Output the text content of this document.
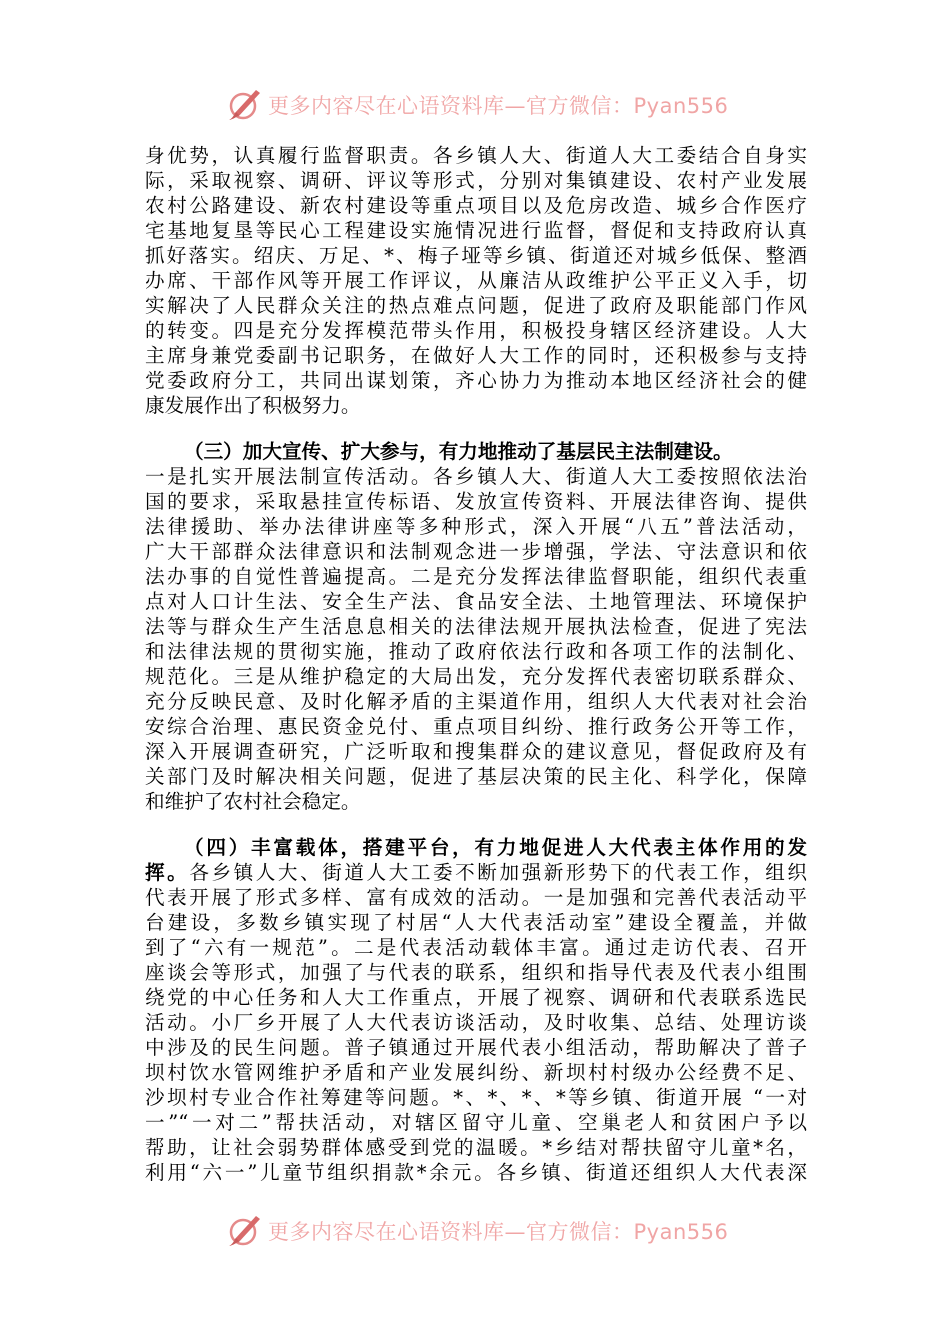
更多内容尽在心语资料库—官方微信：Pyan556

身优势，认真履行监督职责。各乡镇人大、街道人大工委结合自身实
际，采取视察、调研、评议等形式，分别对集镇建设、农村产业发展
农村公路建设、新农村建设等重点项目以及危房改造、城乡合作医疗
宅基地复垦等民心工程建设实施情况进行监督，督促和支持政府认真
抓好落实。绍庆、万足、*、梅子垭等乡镇、街道还对城乡低保、整酒
办席、干部作风等开展工作评议，从廉洁从政维护公平正义入手，切
实解决了人民群众关注的热点难点问题，促进了政府及职能部门作风
的转变。四是充分发挥模范带头作用，积极投身辖区经济建设。人大
主席身兼党委副书记职务，在做好人大工作的同时，还积极参与支持
党委政府分工，共同出谋划策，齐心协力为推动本地区经济社会的健
康发展作出了积极努力。

（三）加大宣传、扩大参与，有力地推动了基层民主法制建设。
一是扎实开展法制宣传活动。各乡镇人大、街道人大工委按照依法治
国的要求，采取悬挂宣传标语、发放宣传资料、开展法律咨询、提供
法律援助、举办法律讲座等多种形式，深入开展“八五”普法活动，
广大干部群众法律意识和法制观念进一步增强，学法、守法意识和依
法办事的自觉性普遍提高。二是充分发挥法律监督职能，组织代表重
点对人口计生法、安全生产法、食品安全法、土地管理法、环境保护
法等与群众生产生活息息相关的法律法规开展执法检查，促进了宪法
和法律法规的贯彻实施，推动了政府依法行政和各项工作的法制化、
规范化。三是从维护稳定的大局出发，充分发挥代表密切联系群众、
充分反映民意、及时化解矛盾的主渠道作用，组织人大代表对社会治
安综合治理、惠民资金兑付、重点项目纠纷、推行政务公开等工作，
深入开展调查研究，广泛听取和搜集群众的建议意见，督促政府及有
关部门及时解决相关问题，促进了基层决策的民主化、科学化，保障
和维护了农村社会稳定。

（四）丰富载体，搭建平台，有力地促进人大代表主体作用的发
挥。各乡镇人大、街道人大工委不断加强新形势下的代表工作，组织
代表开展了形式多样、富有成效的活动。一是加强和完善代表活动平
台建设，多数乡镇实现了村居“人大代表活动室”建设全覆盖，并做
到了“六有一规范”。二是代表活动载体丰富。通过走访代表、召开
座谈会等形式，加强了与代表的联系，组织和指导代表及代表小组围
绕党的中心任务和人大工作重点，开展了视察、调研和代表联系选民
活动。小厂乡开展了人大代表访谈活动，及时收集、总结、处理访谈
中涉及的民生问题。普子镇通过开展代表小组活动，帮助解决了普子
坝村饮水管网维护矛盾和产业发展纠纷、新坝村村级办公经费不足、
沙坝村专业合作社筹建等问题。*、*、*、*等乡镇、街道开展 “一对
一”“一对二”帮扶活动，对辖区留守儿童、空巢老人和贫困户予以
帮助，让社会弱势群体感受到党的温暖。*乡结对帮扶留守儿童*名，
利用“六一”儿童节组织捐款*余元。各乡镇、街道还组织人大代表深

更多内容尽在心语资料库—官方微信：Pyan556
